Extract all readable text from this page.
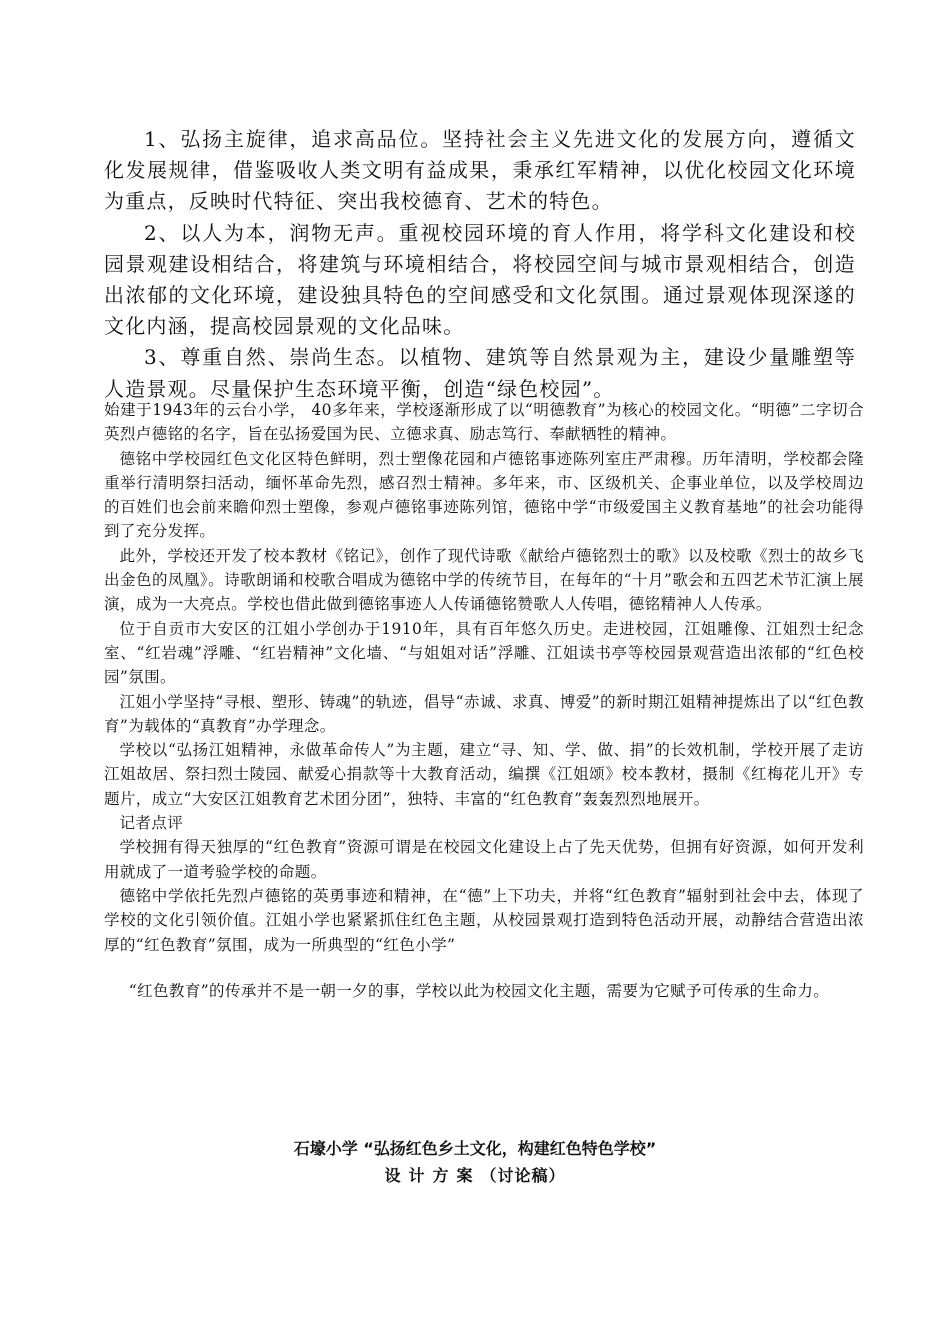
1、弘扬主旋律，追求高品位。坚持社会主义先进文化的发展方向，遵循文化发展规律，借鉴吸收人类文明有益成果，秉承红军精神，以优化校园文化环境为重点，反映时代特征、突出我校德育、艺术的特色。

2、以人为本，润物无声。重视校园环境的育人作用，将学科文化建设和校园景观建设相结合，将建筑与环境相结合，将校园空间与城市景观相结合，创造出浓郁的文化环境，建设独具特色的空间感受和文化氛围。通过景观体现深遂的文化内涵，提高校园景观的文化品味。

3、尊重自然、崇尚生态。以植物、建筑等自然景观为主，建设少量雕塑等人造景观。尽量保护生态环境平衡，创造“绿色校园”。

始建于1943年的云台小学， 40多年来，学校逐渐形成了以“明德教育”为核心的校园文化。“明德”二字切合英烈卢德铭的名字，旨在弘扬爱国为民、立德求真、励志笃行、奉献牺牲的精神。

德铭中学校园红色文化区特色鲜明，烈士塑像花园和卢德铭事迹陈列室庄严肃穆。历年清明，学校都会隆重举行清明祭扫活动，缅怀革命先烈，感召烈士精神。多年来，市、区级机关、企事业单位，以及学校周边的百姓们也会前来瞻仰烈士塑像，参观卢德铭事迹陈列馆，德铭中学“市级爱国主义教育基地”的社会功能得到了充分发挥。

此外，学校还开发了校本教材《铭记》，创作了现代诗歌《献给卢德铭烈士的歌》以及校歌《烈士的故乡飞出金色的凤凰》。诗歌朗诵和校歌合唱成为德铭中学的传统节目，在每年的“十月”歌会和五四艺术节汇演上展演，成为一大亮点。学校也借此做到德铭事迹人人传诵德铭赞歌人人传唱，德铭精神人人传承。

位于自贡市大安区的江姐小学创办于1910年，具有百年悠久历史。走进校园，江姐雕像、江姐烈士纪念室、“红岩魂”浮雕、“红岩精神”文化墙、“与姐姐对话”浮雕、江姐读书亭等校园景观营造出浓郁的“红色校园”氛围。

江姐小学坚持“寻根、塑形、铸魂”的轨迹，倡导“赤诚、求真、博爱”的新时期江姐精神提炼出了以“红色教育”为载体的“真教育”办学理念。

学校以“弘扬江姐精神，永做革命传人”为主题，建立“寻、知、学、做、捐”的长效机制，学校开展了走访江姐故居、祭扫烈士陵园、献爱心捐款等十大教育活动，编撰《江姐颂》校本教材，摄制《红梅花儿开》专题片，成立“大安区江姐教育艺术团分团”，独特、丰富的“红色教育”轰轰烈烈地展开。

记者点评

学校拥有得天独厚的“红色教育”资源可谓是在校园文化建设上占了先天优势，但拥有好资源，如何开发利用就成了一道考验学校的命题。

德铭中学依托先烈卢德铭的英勇事迹和精神，在“德”上下功夫，并将“红色教育”辐射到社会中去，体现了学校的文化引领价值。江姐小学也紧紧抓住红色主题，从校园景观打造到特色活动开展，动静结合营造出浓厚的“红色教育”氛围，成为一所典型的“红色小学”

“红色教育”的传承并不是一朝一夕的事，学校以此为校园文化主题，需要为它赋予可传承的生命力。

石壕小学 “弘扬红色乡土文化，构建红色特色学校”
设计方案（讨论稿）
